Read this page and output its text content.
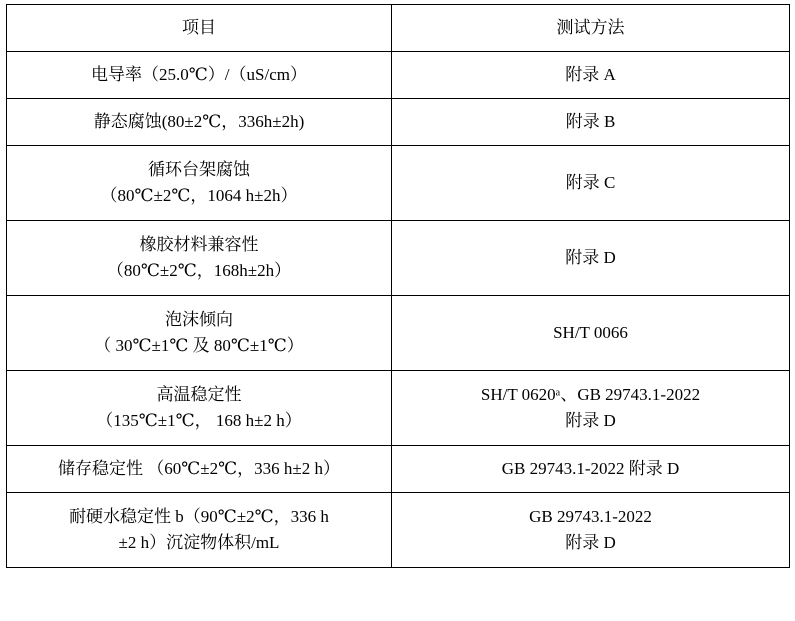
项目	测试方法

电导率（25.0℃）/（uS/cm）	附录 A

静态腐蚀(80±2℃，336h±2h)	附录 B

循环台架腐蚀
（80℃±2℃，1064 h±2h）	附录 C

橡胶材料兼容性
（80℃±2℃，168h±2h）	附录 D

泡沫倾向
（ 30℃±1℃ 及 80℃±1℃）	SH/T 0066

高温稳定性
（135℃±1℃， 168 h±2 h）	SH/T 0620ᵃ、GB 29743.1-2022
附录 D

储存稳定性 （60℃±2℃，336 h±2 h）	GB 29743.1-2022 附录 D

耐硬水稳定性 b（90℃±2℃，336 h
±2 h）沉淀物体积/mL	GB 29743.1-2022
附录 D
